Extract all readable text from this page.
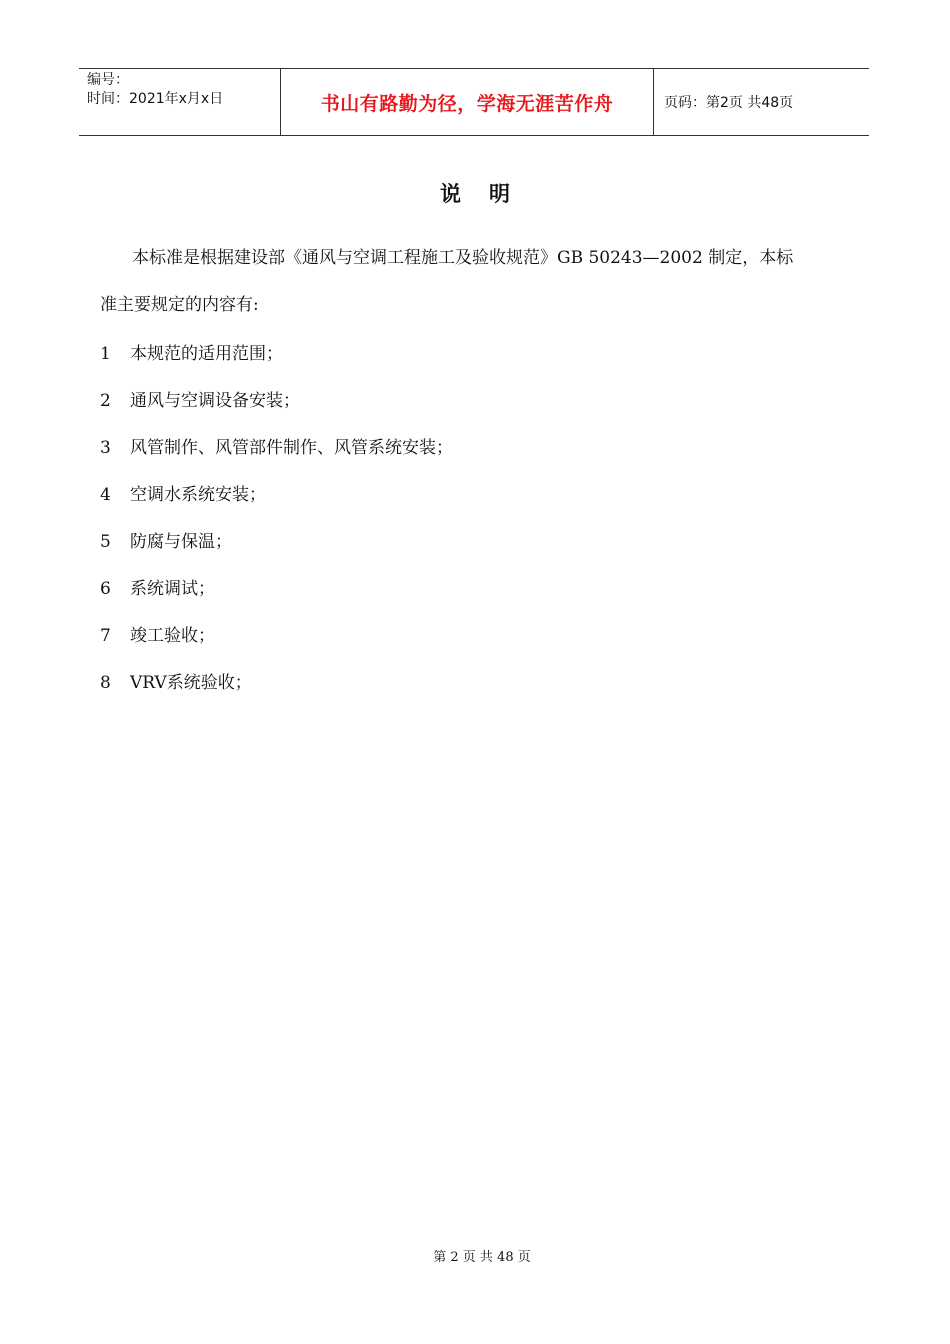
编号：
时间：2021年x月x日	书山有路勤为径，学海无涯苦作舟	页码：第2页 共48页
说明
本标准是根据建设部《通风与空调工程施工及验收规范》GB 50243—2002 制定，本标
准主要规定的内容有:
1	本规范的适用范围；
2	通风与空调设备安装；
3	风管制作、风管部件制作、风管系统安装；
4	空调水系统安装；
5	防腐与保温；
6	系统调试；
7	竣工验收；
8	VRV系统验收；
第 2 页 共 48 页
